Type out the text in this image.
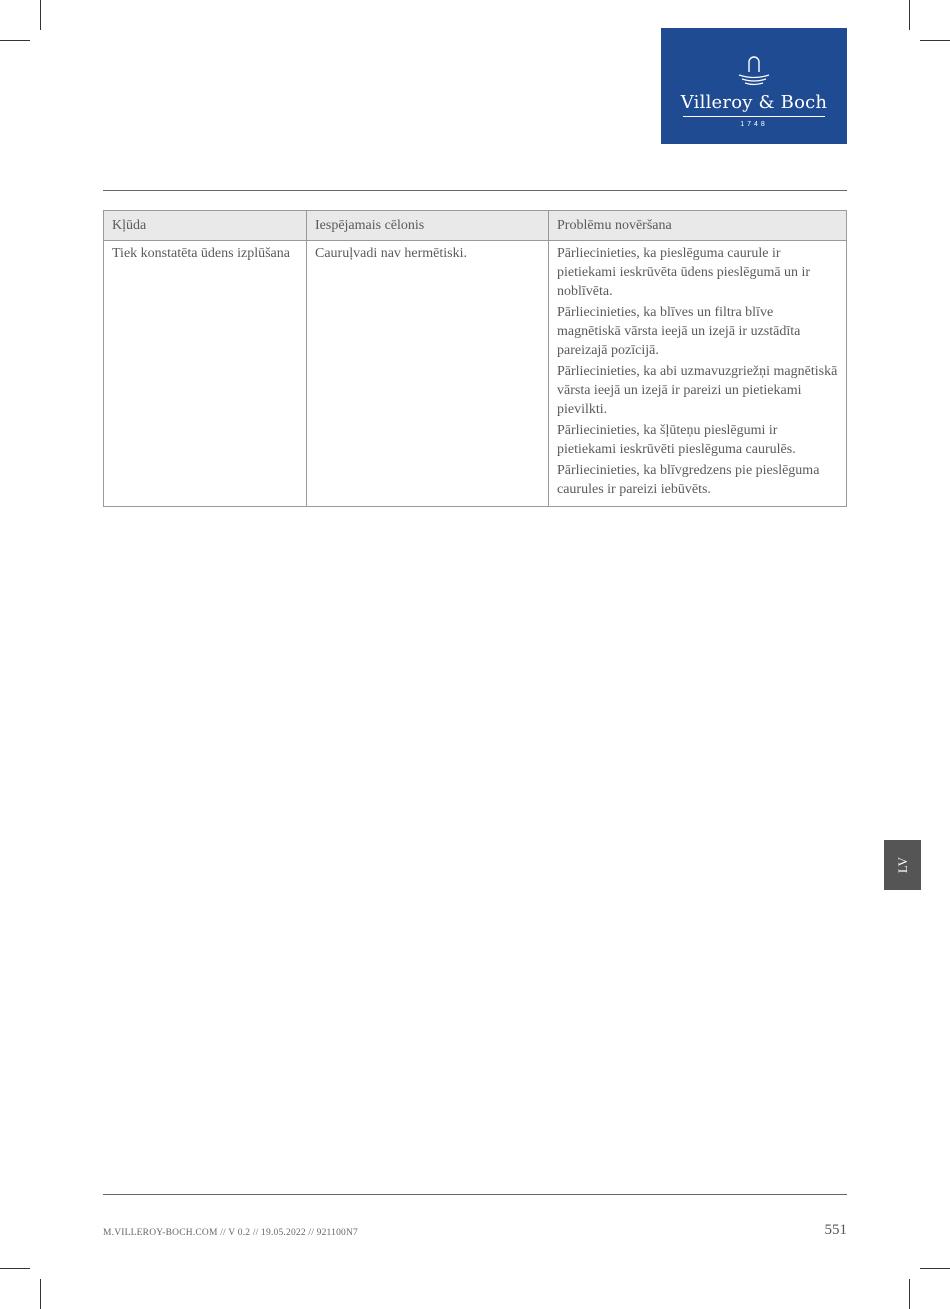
Villeroy & Boch
1748
Kļūda	Iespējamais cēlonis	Problēmu novēršana
Tiek konstatēta ūdens izplūšana	Cauruļvadi nav hermētiski.	Pārliecinieties, ka pieslēguma caurule ir pietiekami ieskrūvēta ūdens pieslēgumā un ir noblīvēta.

Pārliecinieties, ka blīves un filtra blīve magnētiskā vārsta ieejā un izejā ir uzstādīta pareizajā pozīcijā.

Pārliecinieties, ka abi uzmavuzgriežņi magnētiskā vārsta ieejā un izejā ir pareizi un pietiekami pievilkti.

Pārliecinieties, ka šļūteņu pieslēgumi ir pietiekami ieskrūvēti pieslēguma caurulēs.

Pārliecinieties, ka blīvgredzens pie pieslēguma caurules ir pareizi iebūvēts.

LV
M.VILLEROY-BOCH.COM // V 0.2 // 19.05.2022 // 921100N7	551
